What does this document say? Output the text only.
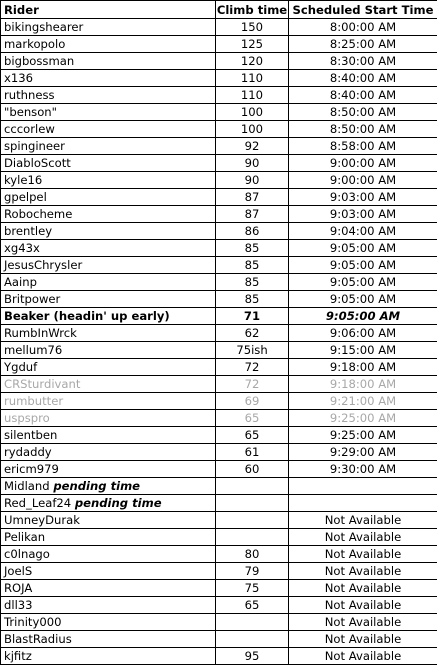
Rider	Climb time	Scheduled Start Time
bikingshearer	150	8:00:00 AM
markopolo	125	8:25:00 AM
bigbossman	120	8:30:00 AM
x136	110	8:40:00 AM
ruthness	110	8:40:00 AM
"benson"	100	8:50:00 AM
cccorlew	100	8:50:00 AM
spingineer	92	8:58:00 AM
DiabloScott	90	9:00:00 AM
kyle16	90	9:00:00 AM
gpelpel	87	9:03:00 AM
Robocheme	87	9:03:00 AM
brentley	86	9:04:00 AM
xg43x	85	9:05:00 AM
JesusChrysler	85	9:05:00 AM
Aainp	85	9:05:00 AM
Britpower	85	9:05:00 AM
Beaker (headin' up early)	71	9:05:00 AM
RumbInWrck	62	9:06:00 AM
mellum76	75ish	9:15:00 AM
Ygduf	72	9:18:00 AM
CRSturdivant	72	9:18:00 AM
rumbutter	69	9:21:00 AM
uspspro	65	9:25:00 AM
silentben	65	9:25:00 AM
rydaddy	61	9:29:00 AM
ericm979	60	9:30:00 AM
Midland pending time		
Red_Leaf24 pending time		
UmneyDurak		Not Available
Pelikan		Not Available
c0lnago	80	Not Available
JoelS	79	Not Available
ROJA	75	Not Available
dll33	65	Not Available
Trinity000		Not Available
BlastRadius		Not Available
kjfitz	95	Not Available
